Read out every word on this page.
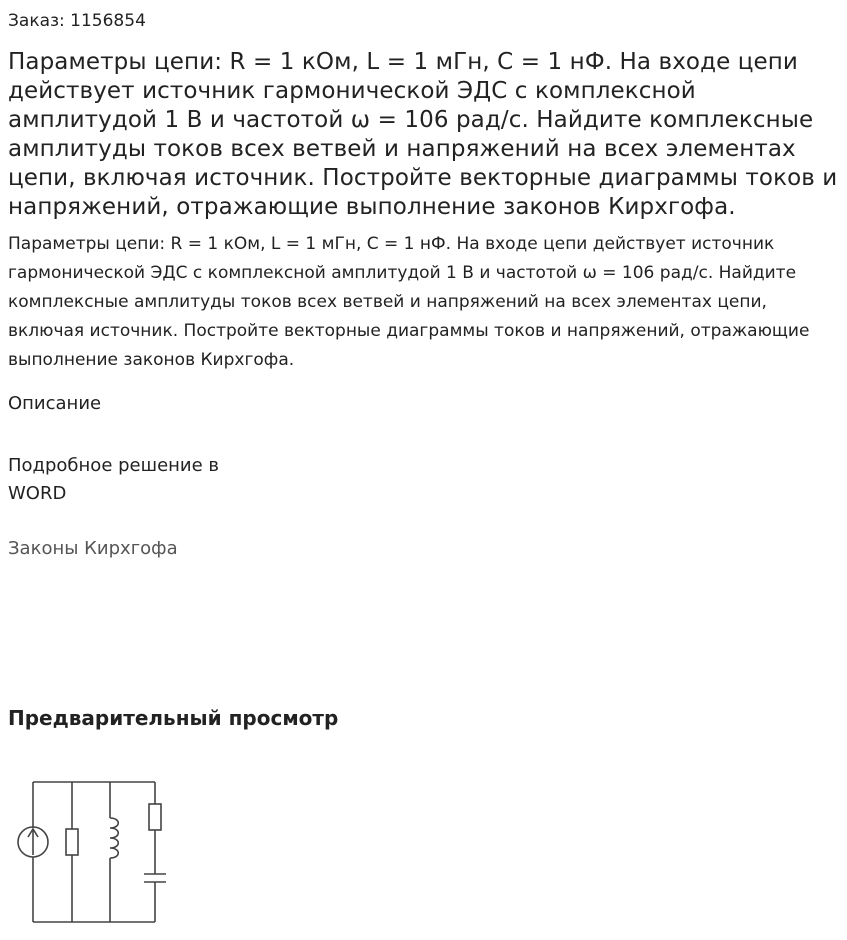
Заказ: 1156854
Параметры цепи: R = 1 кОм, L = 1 мГн, C = 1 нФ. На входе цепи действует источник гармонической ЭДС с комплексной амплитудой 1 В и частотой ω = 106 рад/с. Найдите комплексные амплитуды токов всех ветвей и напряжений на всех элементах цепи, включая источник. Постройте векторные диаграммы токов и напряжений, отражающие выполнение законов Кирхгофа.
Параметры цепи: R = 1 кОм, L = 1 мГн, C = 1 нФ. На входе цепи действует источник гармонической ЭДС с комплексной амплитудой 1 В и частотой ω = 106 рад/с. Найдите комплексные амплитуды токов всех ветвей и напряжений на всех элементах цепи, включая источник. Постройте векторные диаграммы токов и напряжений, отражающие выполнение законов Кирхгофа.
Описание
Подробное решение в WORD
Законы Кирхгофа
Предварительный просмотр
